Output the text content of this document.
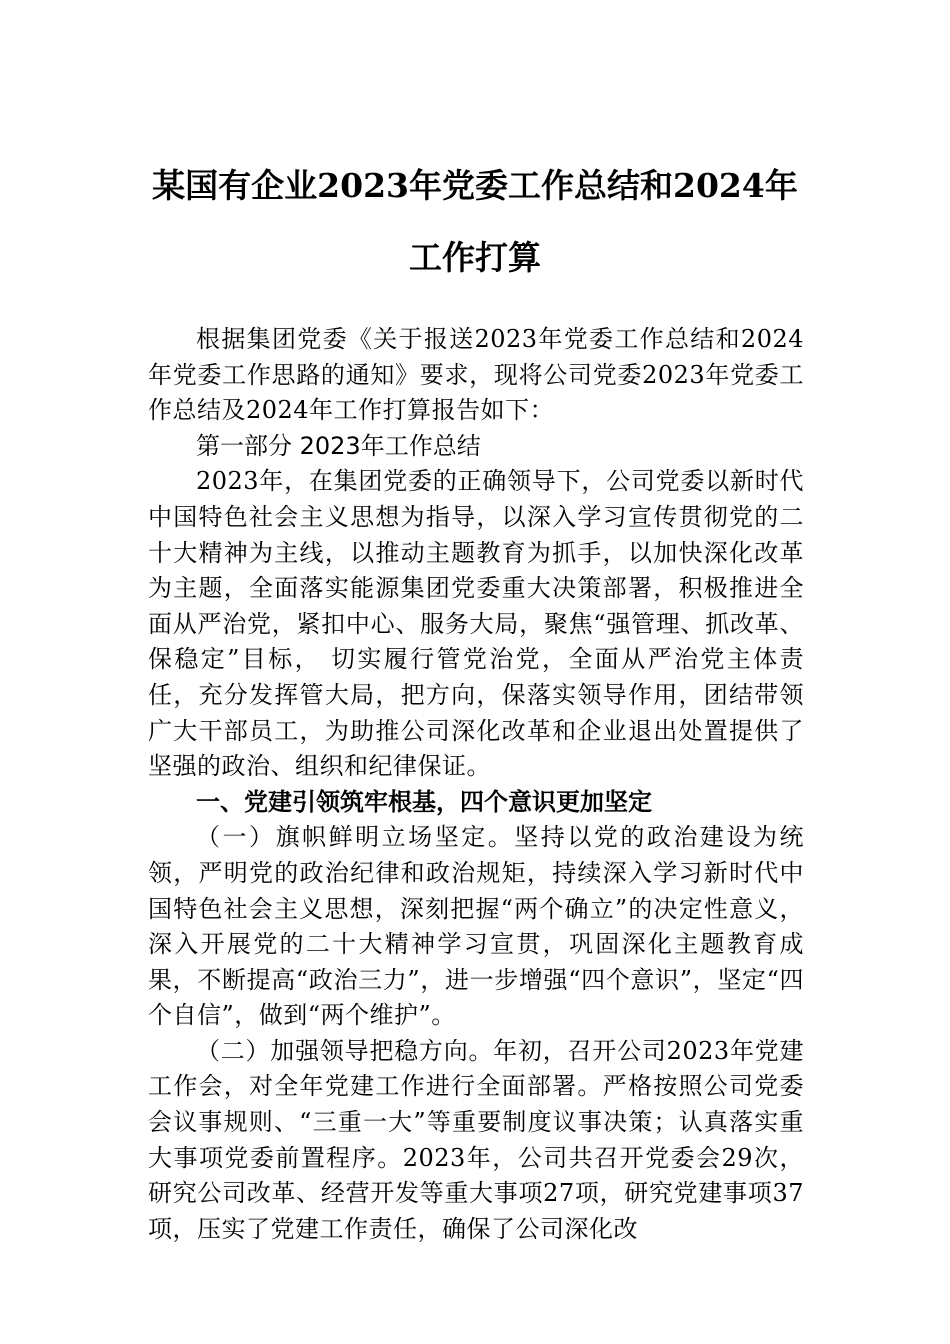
某国有企业2023年党委工作总结和2024年
工作打算

根据集团党委《关于报送2023年党委工作总结和2024年党委工作思路的通知》要求，现将公司党委2023年党委工作总结及2024年工作打算报告如下：

第一部分 2023年工作总结

2023年，在集团党委的正确领导下，公司党委以新时代中国特色社会主义思想为指导，以深入学习宣传贯彻党的二十大精神为主线，以推动主题教育为抓手，以加快深化改革为主题，全面落实能源集团党委重大决策部署，积极推进全面从严治党，紧扣中心、服务大局，聚焦“强管理、抓改革、保稳定”目标， 切实履行管党治党，全面从严治党主体责任，充分发挥管大局，把方向，保落实领导作用，团结带领广大干部员工，为助推公司深化改革和企业退出处置提供了坚强的政治、组织和纪律保证。

一、党建引领筑牢根基，四个意识更加坚定

（一）旗帜鲜明立场坚定。坚持以党的政治建设为统领，严明党的政治纪律和政治规矩，持续深入学习新时代中国特色社会主义思想，深刻把握“两个确立”的决定性意义，深入开展党的二十大精神学习宣贯，巩固深化主题教育成果，不断提高“政治三力”，进一步增强“四个意识”，坚定“四个自信”，做到“两个维护”。

（二）加强领导把稳方向。年初，召开公司2023年党建工作会，对全年党建工作进行全面部署。严格按照公司党委会议事规则、“三重一大”等重要制度议事决策；认真落实重大事项党委前置程序。2023年，公司共召开党委会29次，研究公司改革、经营开发等重大事项27项，研究党建事项37项，压实了党建工作责任，确保了公司深化改
